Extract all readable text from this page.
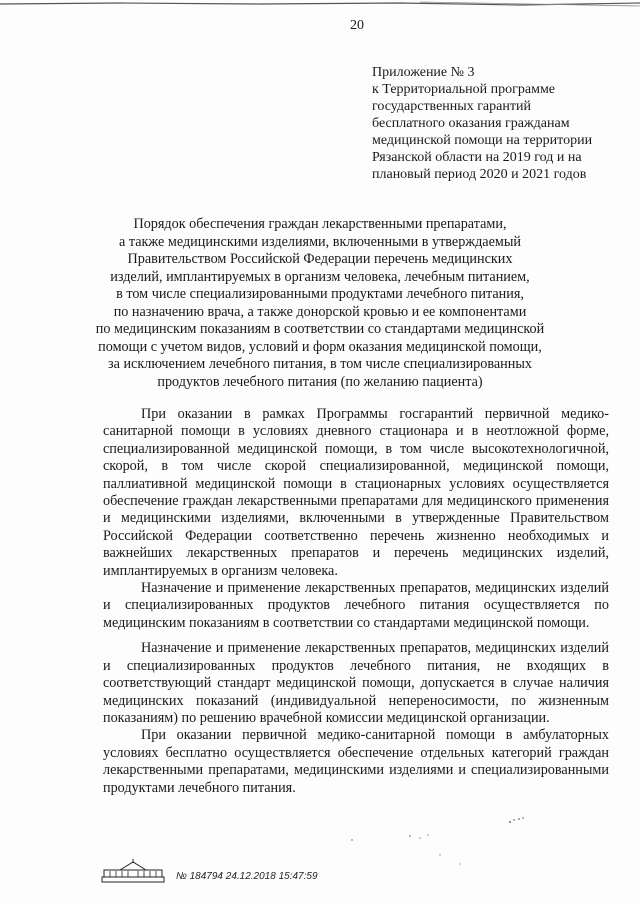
20
Приложение № 3
к Территориальной программе
государственных гарантий
бесплатного оказания гражданам
медицинской помощи на территории
Рязанской области на 2019 год и на
плановый период 2020 и 2021 годов
Порядок обеспечения граждан лекарственными препаратами,
а также медицинскими изделиями, включенными в утверждаемый
Правительством Российской Федерации перечень медицинских
изделий, имплантируемых в организм человека, лечебным питанием,
в том числе специализированными продуктами лечебного питания,
по назначению врача, а также донорской кровью и ее компонентами
по медицинским показаниям в соответствии со стандартами медицинской
помощи с учетом видов, условий и форм оказания медицинской помощи,
за исключением лечебного питания, в том числе специализированных
продуктов лечебного питания (по желанию пациента)

При оказании в рамках Программы госгарантий первичной медико-санитарной помощи в условиях дневного стационара и в неотложной форме, специализированной медицинской помощи, в том числе высокотехнологичной, скорой, в том числе скорой специализированной, медицинской помощи, паллиативной медицинской помощи в стационарных условиях осуществляется обеспечение граждан лекарственными препаратами для медицинского применения и медицинскими изделиями, включенными в утвержденные Правительством Российской Федерации соответственно перечень жизненно необходимых и важнейших лекарственных препаратов и перечень медицинских изделий, имплантируемых в организм человека.

Назначение и применение лекарственных препаратов, медицинских изделий и специализированных продуктов лечебного питания осуществляется по медицинским показаниям в соответствии со стандартами медицинской помощи.

Назначение и применение лекарственных препаратов, медицинских изделий и специализированных продуктов лечебного питания, не входящих в соответствующий стандарт медицинской помощи, допускается в случае наличия медицинских показаний (индивидуальной непереносимости, по жизненным показаниям) по решению врачебной комиссии медицинской организации.

При оказании первичной медико-санитарной помощи в амбулаторных условиях бесплатно осуществляется обеспечение отдельных категорий граждан лекарственными препаратами, медицинскими изделиями и специализированными продуктами лечебного питания.

№ 184794 24.12.2018 15:47:59
